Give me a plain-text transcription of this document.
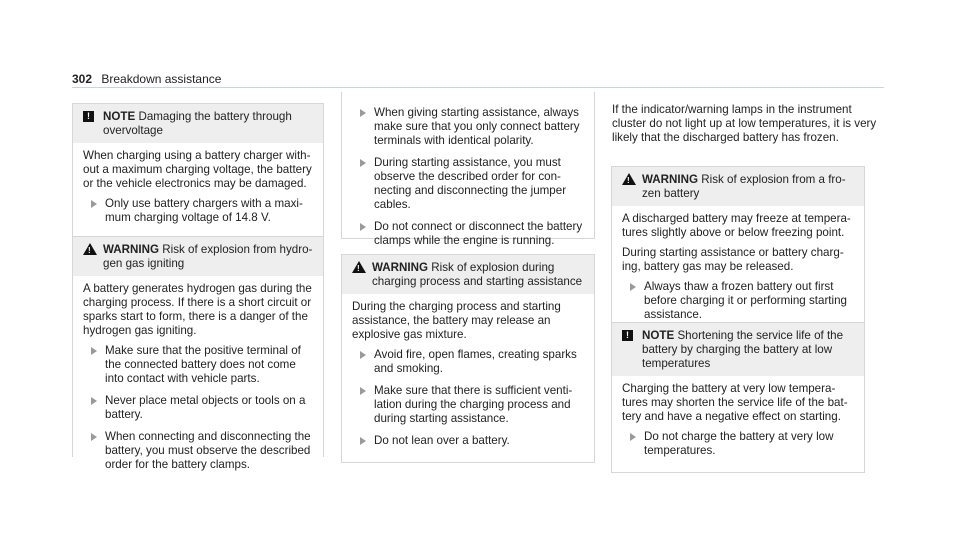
302 Breakdown assistance
!	NOTE Damaging the battery through overvoltage

When charging using a battery charger without a maximum charging voltage, the battery or the vehicle electronics may be damaged.

Only use battery chargers with a maximum charging voltage of 14.8 V.
!	WARNING Risk of explosion from hydrogen gas igniting

A battery generates hydrogen gas during the charging process. If there is a short circuit or sparks start to form, there is a danger of the hydrogen gas igniting.

Make sure that the positive terminal of the connected battery does not come into contact with vehicle parts.
Never place metal objects or tools on a battery.
When connecting and disconnecting the battery, you must observe the described order for the battery clamps.
When giving starting assistance, always make sure that you only connect battery terminals with identical polarity.
During starting assistance, you must observe the described order for connecting and disconnecting the jumper cables.
Do not connect or disconnect the battery clamps while the engine is running.
!	WARNING Risk of explosion during charging process and starting assistance

During the charging process and starting assistance, the battery may release an explosive gas mixture.

Avoid fire, open flames, creating sparks and smoking.
Make sure that there is sufficient ventilation during the charging process and during starting assistance.
Do not lean over a battery.

If the indicator/warning lamps in the instrument cluster do not light up at low temperatures, it is very likely that the discharged battery has frozen.

!	WARNING Risk of explosion from a frozen battery

A discharged battery may freeze at temperatures slightly above or below freezing point.

During starting assistance or battery charging, battery gas may be released.

Always thaw a frozen battery out first before charging it or performing starting assistance.
!	NOTE Shortening the service life of the battery by charging the battery at low temperatures

Charging the battery at very low temperatures may shorten the service life of the battery and have a negative effect on starting.

Do not charge the battery at very low temperatures.
